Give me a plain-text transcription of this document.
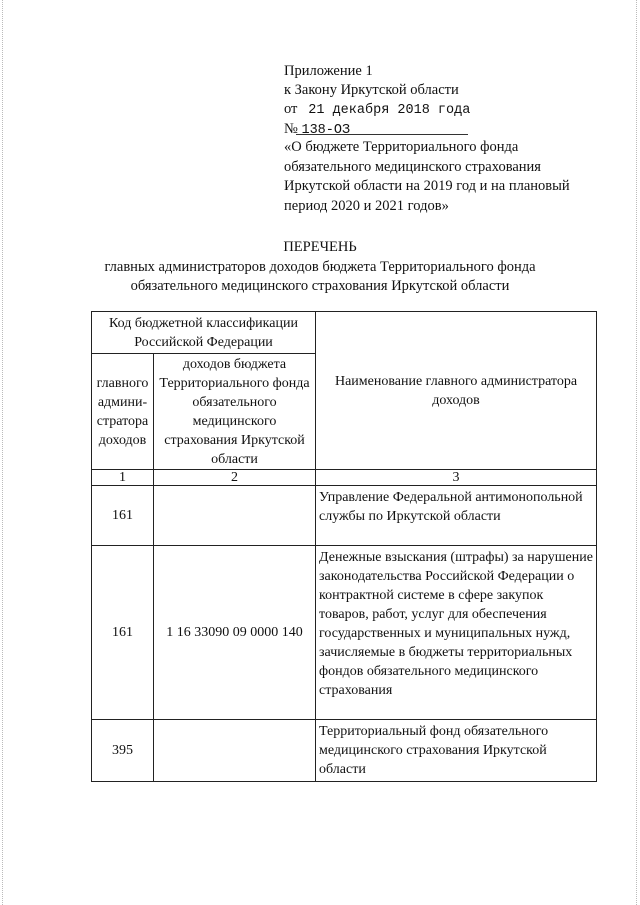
Приложение 1
к Закону Иркутской области
от 21 декабря 2018 года
№ 138-ОЗ
«О бюджете Территориального фонда обязательного медицинского страхования Иркутской области на 2019 год и на плановый период 2020 и 2021 годов»
ПЕРЕЧЕНЬ
главных администраторов доходов бюджета Территориального фонда
обязательного медицинского страхования Иркутской области
Код бюджетной классификации Российской Федерации		Наименование главного администратора доходов
главного админи-стратора доходов	доходов бюджета Территориального фонда обязательного медицинского страхования Иркутской области	
1	2	3
161		Управление Федеральной антимонопольной службы по Иркутской области
161	1 16 33090 09 0000 140	Денежные взыскания (штрафы) за нарушение законодательства Российской Федерации о контрактной системе в сфере закупок товаров, работ, услуг для обеспечения государственных и муниципальных нужд, зачисляемые в бюджеты территориальных фондов обязательного медицинского страхования
395		Территориальный фонд обязательного медицинского страхования Иркутской области
